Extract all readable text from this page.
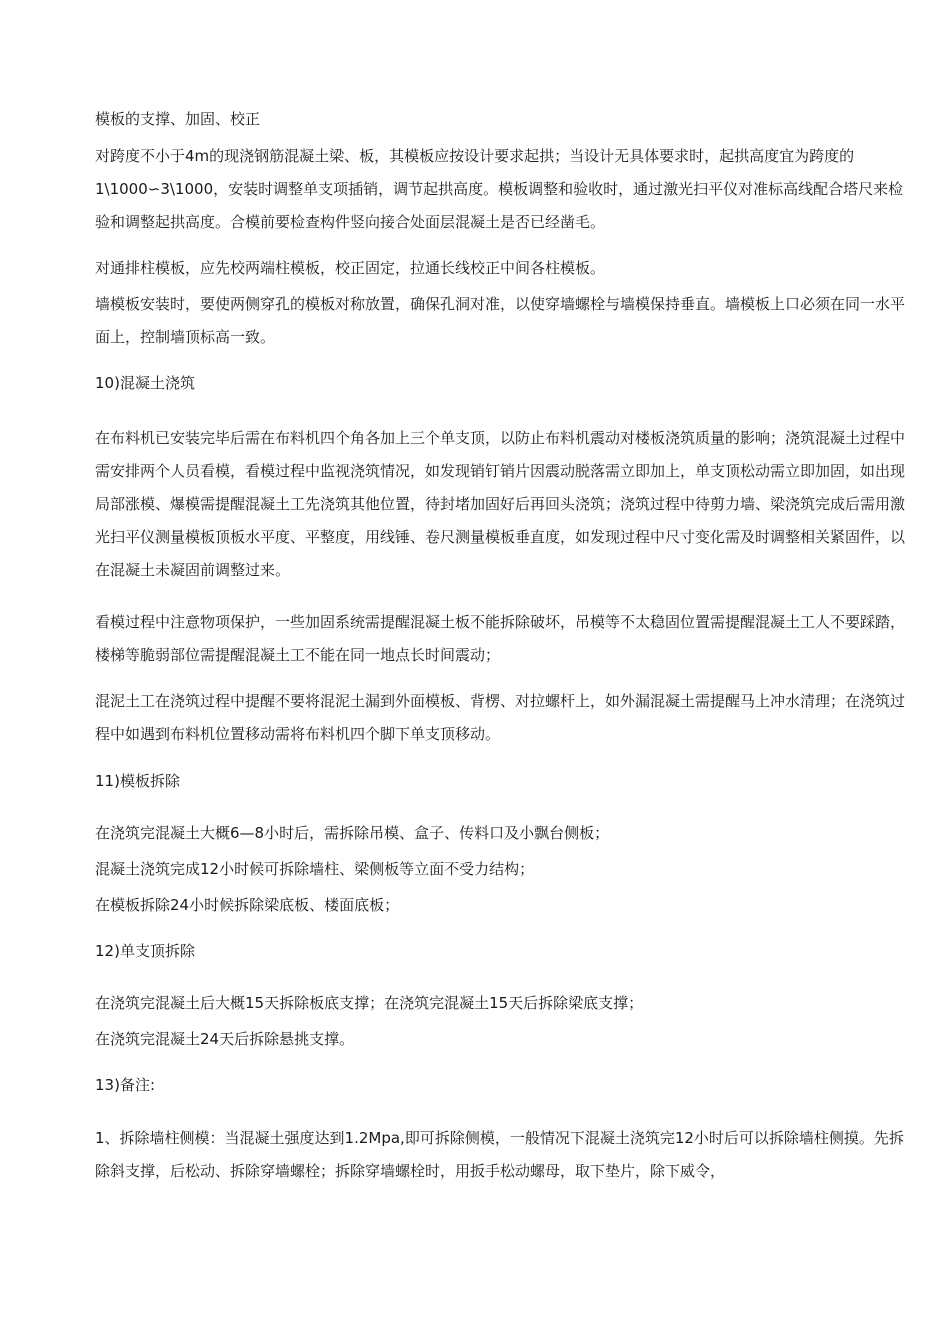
模板的支撑、加固、校正

对跨度不小于4m的现浇钢筋混凝土梁、板，其模板应按设计要求起拱；当设计无具体要求时，起拱高度宜为跨度的1\1000∽3\1000，安装时调整单支项插销，调节起拱高度。模板调整和验收时，通过激光扫平仪对准标高线配合塔尺来检验和调整起拱高度。合模前要检查构件竖向接合处面层混凝土是否已经凿毛。

对通排柱模板，应先校两端柱模板，校正固定，拉通长线校正中间各柱模板。

墙模板安装时，要使两侧穿孔的模板对称放置，确保孔洞对准，以使穿墙螺栓与墙模保持垂直。墙模板上口必须在同一水平面上，控制墙顶标高一致。

10)混凝土浇筑

在布料机已安装完毕后需在布料机四个角各加上三个单支顶，以防止布料机震动对楼板浇筑质量的影响；浇筑混凝土过程中需安排两个人员看模，看模过程中监视浇筑情况，如发现销钉销片因震动脱落需立即加上，单支顶松动需立即加固，如出现局部涨模、爆模需提醒混凝土工先浇筑其他位置，待封堵加固好后再回头浇筑；浇筑过程中待剪力墙、梁浇筑完成后需用激光扫平仪测量模板顶板水平度、平整度，用线锤、卷尺测量模板垂直度，如发现过程中尺寸变化需及时调整相关紧固件，以在混凝土未凝固前调整过来。

看模过程中注意物项保护，一些加固系统需提醒混凝土板不能拆除破坏，吊模等不太稳固位置需提醒混凝土工人不要踩踏，楼梯等脆弱部位需提醒混凝土工不能在同一地点长时间震动；

混泥土工在浇筑过程中提醒不要将混泥土漏到外面模板、背楞、对拉螺杆上，如外漏混凝土需提醒马上冲水清理；在浇筑过程中如遇到布料机位置移动需将布料机四个脚下单支顶移动。

11)模板拆除

在浇筑完混凝土大概6—8小时后，需拆除吊模、盒子、传料口及小飘台侧板；

混凝土浇筑完成12小时候可拆除墙柱、梁侧板等立面不受力结构；

在模板拆除24小时候拆除梁底板、楼面底板；

12)单支顶拆除

在浇筑完混凝土后大概15天拆除板底支撑；在浇筑完混凝土15天后拆除梁底支撑；

在浇筑完混凝土24天后拆除悬挑支撑。

13)备注:

1、拆除墙柱侧模：当混凝土强度达到1.2Mpa,即可拆除侧模，一般情况下混凝土浇筑完12小时后可以拆除墙柱侧摸。先拆除斜支撑，后松动、拆除穿墙螺栓；拆除穿墙螺栓时，用扳手松动螺母，取下垫片，除下威令，
